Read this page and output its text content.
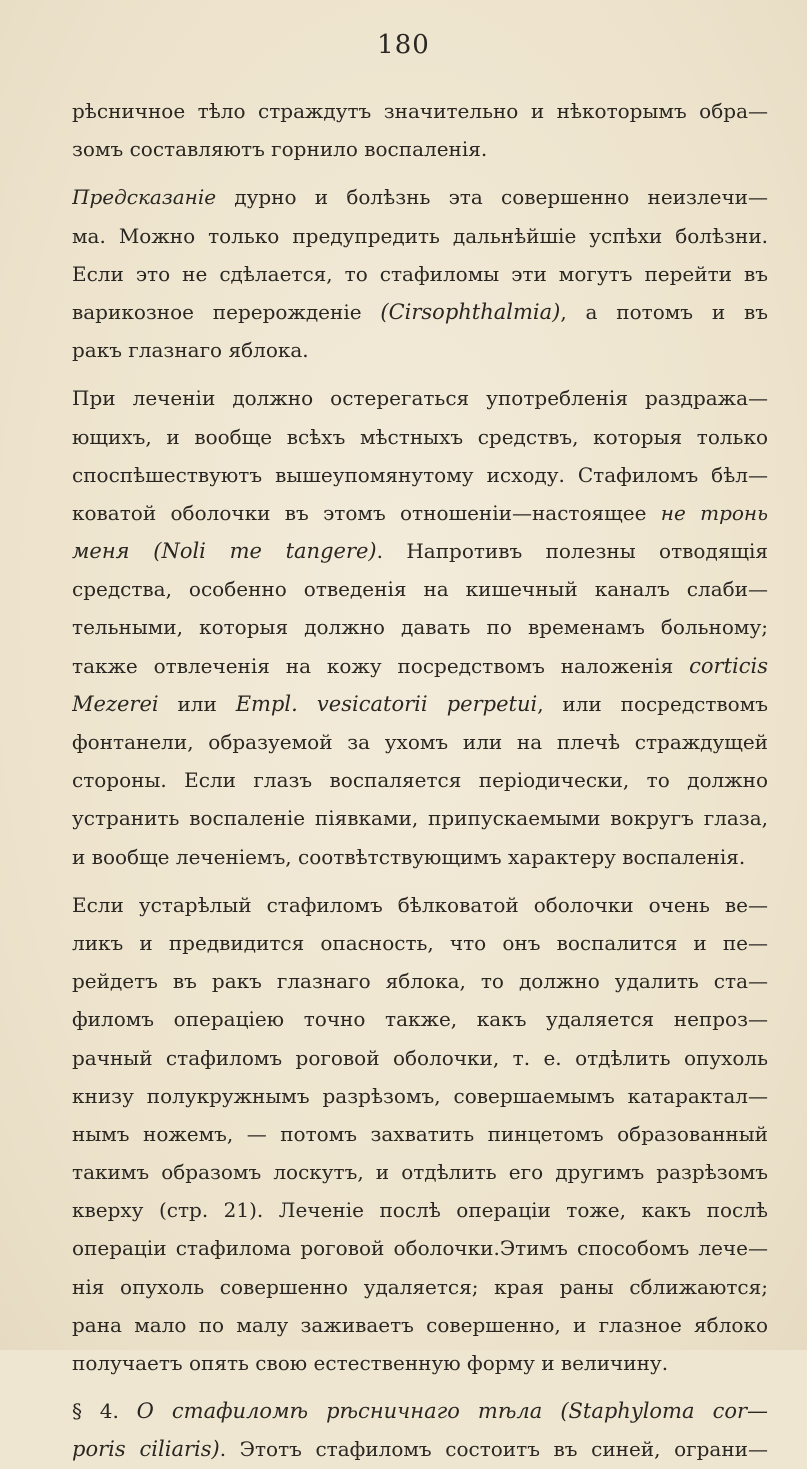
180
рѣсничное тѣло страждутъ значительно и нѣкоторымъ обра—
зомъ составляютъ горнило воспаленія.
Предсказаніе дурно и болѣзнь эта совершенно неизлечи—
ма. Можно только предупредить дальнѣйшіе успѣхи болѣзни.
Если это не сдѣлается, то стафиломы эти могутъ перейти въ
варикозное перерожденіе (Cirsophthalmia), а потомъ и въ
ракъ глазнаго яблока.
При леченіи должно остерегаться употребленія раздража—
ющихъ, и вообще всѣхъ мѣстныхъ средствъ, которыя только
споспѣшествуютъ вышеупомянутому исходу. Стафиломъ бѣл—
коватой оболочки въ этомъ отношеніи—настоящее не тронь
меня (Noli me tangere). Напротивъ полезны отводящія
средства, особенно отведенія на кишечный каналъ слаби—
тельными, которыя должно давать по временамъ больному;
также отвлеченія на кожу посредствомъ наложенія corticis
Mezerei или Empl. vesicatorii perpetui, или посредствомъ
фонтанели, образуемой за ухомъ или на плечѣ страждущей
стороны. Если глазъ воспаляется періодически, то должно
устранить воспаленіе піявками, припускаемыми вокругъ глаза,
и вообще леченіемъ, соотвѣтствующимъ характеру воспаленія.
Если устарѣлый стафиломъ бѣлковатой оболочки очень ве—
ликъ и предвидится опасность, что онъ воспалится и пе—
рейдетъ въ ракъ глазнаго яблока, то должно удалить ста—
филомъ операціею точно также, какъ удаляется непроз—
рачный стафиломъ роговой оболочки, т. е. отдѣлить опухоль
книзу полукружнымъ разрѣзомъ, совершаемымъ катарактал—
нымъ ножемъ, — потомъ захватить пинцетомъ образованный
такимъ образомъ лоскутъ, и отдѣлить его другимъ разрѣзомъ
кверху (стр. 21). Леченіе послѣ операціи тоже, какъ послѣ
операціи стафилома роговой оболочки.Этимъ способомъ лече—
нія опухоль совершенно удаляется; края раны сближаются;
рана мало по малу заживаетъ совершенно, и глазное яблоко
получаетъ опять свою естественную форму и величину.
§ 4. О стафиломѣ рѣсничнаго тѣла (Staphyloma cor—
poris ciliaris). Этотъ стафиломъ состоитъ въ синей, ограни—
